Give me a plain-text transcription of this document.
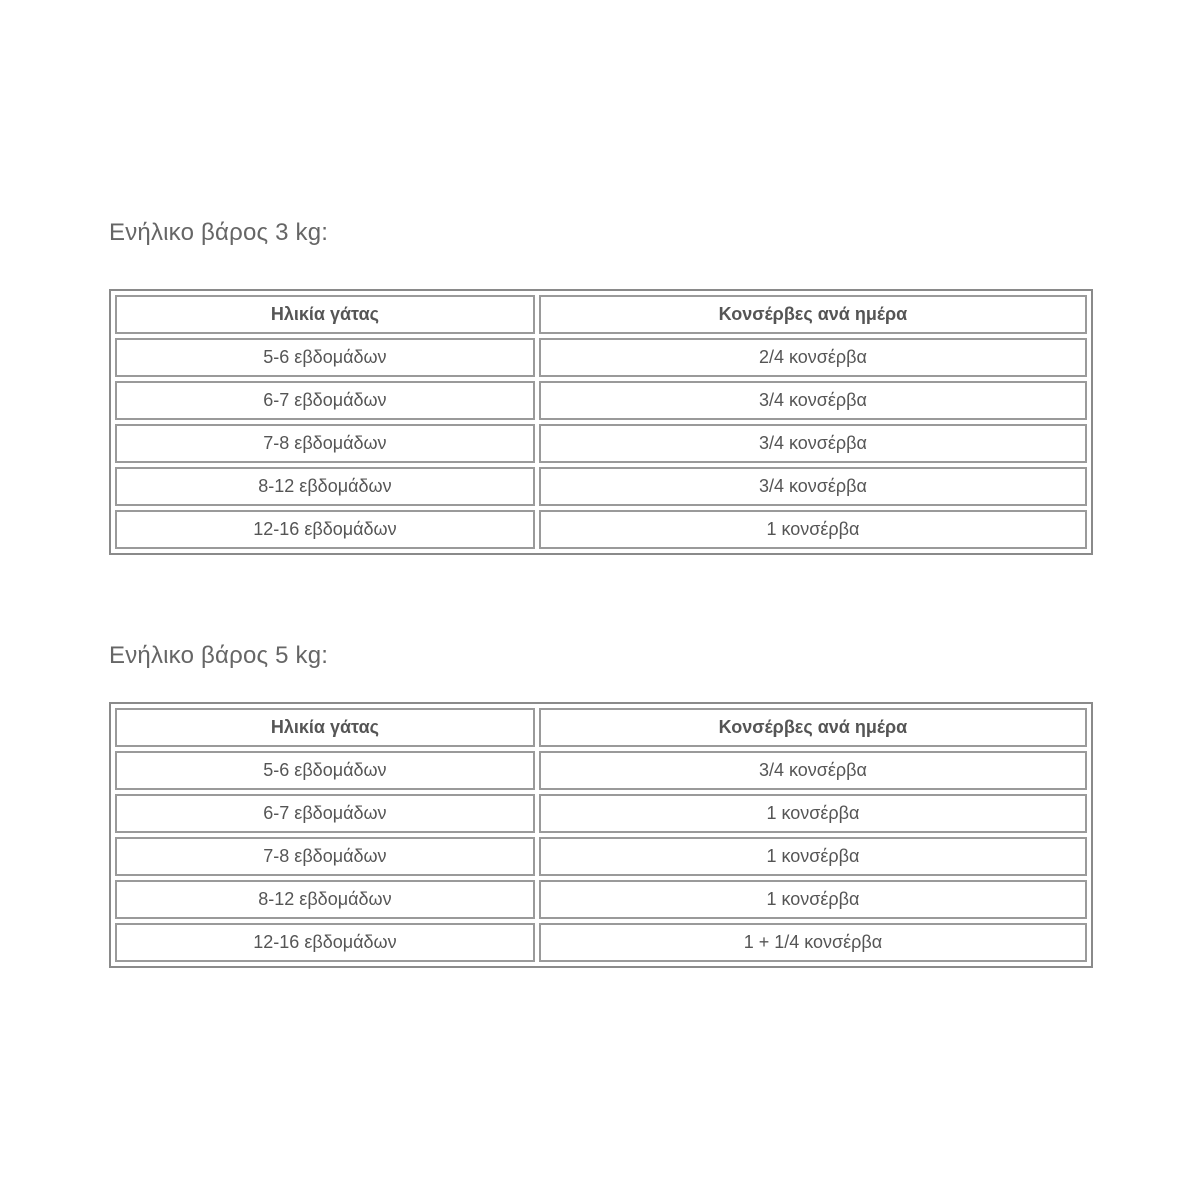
Ενήλικο βάρος 3 kg:
Ηλικία γάτας	Κονσέρβες ανά ημέρα
5-6 εβδομάδων	2/4 κονσέρβα
6-7 εβδομάδων	3/4 κονσέρβα
7-8 εβδομάδων	3/4 κονσέρβα
8-12 εβδομάδων	3/4 κονσέρβα
12-16 εβδομάδων	1 κονσέρβα
Ενήλικο βάρος 5 kg:
Ηλικία γάτας	Κονσέρβες ανά ημέρα
5-6 εβδομάδων	3/4 κονσέρβα
6-7 εβδομάδων	1 κονσέρβα
7-8 εβδομάδων	1 κονσέρβα
8-12 εβδομάδων	1 κονσέρβα
12-16 εβδομάδων	1 + 1/4 κονσέρβα
